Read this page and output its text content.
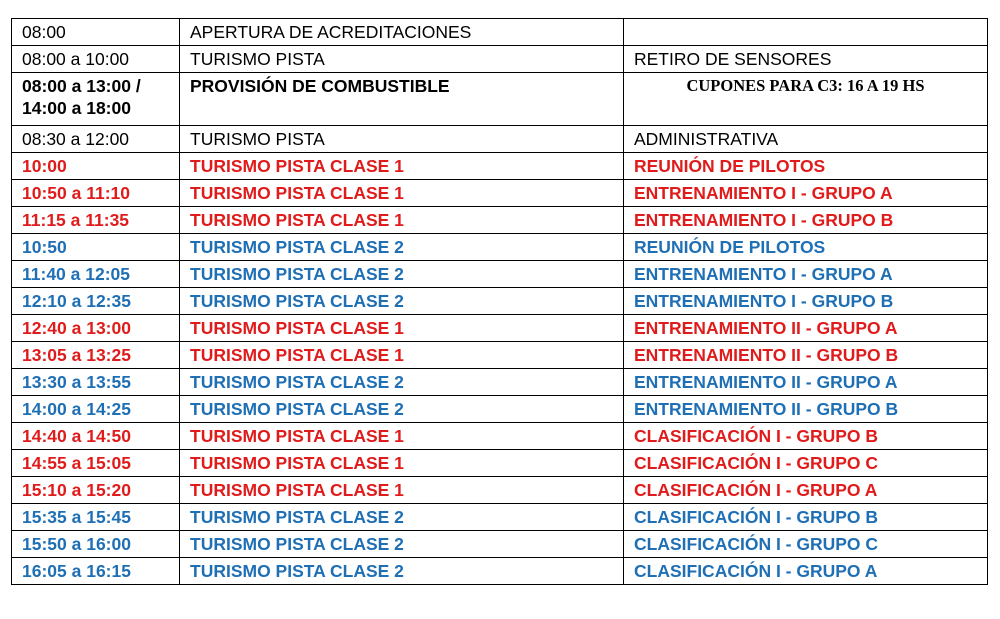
08:00	APERTURA DE ACREDITACIONES	
08:00 a 10:00	TURISMO PISTA	RETIRO DE SENSORES
08:00 a 13:00 / 14:00 a 18:00	PROVISIÓN DE COMBUSTIBLE	CUPONES PARA C3: 16 A 19 HS
08:30 a 12:00	TURISMO PISTA	ADMINISTRATIVA
10:00	TURISMO PISTA CLASE 1	REUNIÓN DE PILOTOS
10:50 a 11:10	TURISMO PISTA CLASE 1	ENTRENAMIENTO I - GRUPO A
11:15 a 11:35	TURISMO PISTA CLASE 1	ENTRENAMIENTO I - GRUPO B
10:50	TURISMO PISTA CLASE 2	REUNIÓN DE PILOTOS
11:40 a 12:05	TURISMO PISTA CLASE 2	ENTRENAMIENTO I - GRUPO A
12:10 a 12:35	TURISMO PISTA CLASE 2	ENTRENAMIENTO I - GRUPO B
12:40 a 13:00	TURISMO PISTA CLASE 1	ENTRENAMIENTO II - GRUPO A
13:05 a 13:25	TURISMO PISTA CLASE 1	ENTRENAMIENTO II - GRUPO B
13:30 a 13:55	TURISMO PISTA CLASE 2	ENTRENAMIENTO II - GRUPO A
14:00 a 14:25	TURISMO PISTA CLASE 2	ENTRENAMIENTO II - GRUPO B
14:40 a 14:50	TURISMO PISTA CLASE 1	CLASIFICACIÓN I - GRUPO B
14:55 a 15:05	TURISMO PISTA CLASE 1	CLASIFICACIÓN I - GRUPO C
15:10 a 15:20	TURISMO PISTA CLASE 1	CLASIFICACIÓN I - GRUPO A
15:35 a 15:45	TURISMO PISTA CLASE 2	CLASIFICACIÓN I - GRUPO B
15:50 a 16:00	TURISMO PISTA CLASE 2	CLASIFICACIÓN I - GRUPO C
16:05 a 16:15	TURISMO PISTA CLASE 2	CLASIFICACIÓN I - GRUPO A
